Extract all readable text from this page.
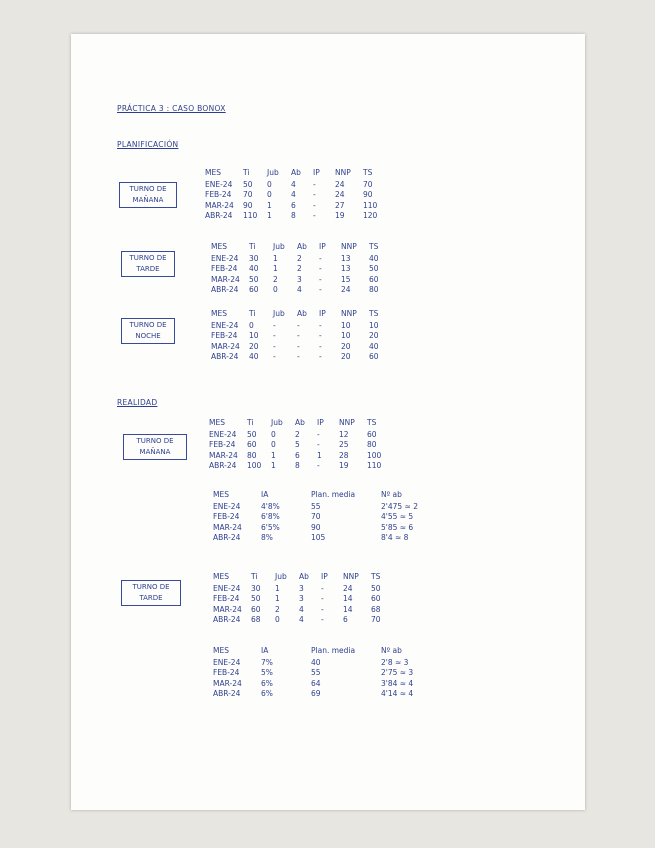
PRÁCTICA 3 : CASO BONOX
PLANIFICACIÓN
TURNO DE MAÑANA
MES	Ti	Jub	Ab	IP	NNP	TS
ENE-24	50	0	4	-	24	70
FEB-24	70	0	4	-	24	90
MAR-24	90	1	6	-	27	110
ABR-24	110	1	8	-	19	120
TURNO DE TARDE
MES	Ti	Jub	Ab	IP	NNP	TS
ENE-24	30	1	2	-	13	40
FEB-24	40	1	2	-	13	50
MAR-24	50	2	3	-	15	60
ABR-24	60	0	4	-	24	80
TURNO DE NOCHE
MES	Ti	Jub	Ab	IP	NNP	TS
ENE-24	0	-	-	-	10	10
FEB-24	10	-	-	-	10	20
MAR-24	20	-	-	-	20	40
ABR-24	40	-	-	-	20	60
REALIDAD
TURNO DE MAÑANA
MES	Ti	Jub	Ab	IP	NNP	TS
ENE-24	50	0	2	-	12	60
FEB-24	60	0	5	-	25	80
MAR-24	80	1	6	1	28	100
ABR-24	100	1	8	-	19	110
MES	IA	Plan. media	Nº ab
ENE-24	4'8%	55	2'475 ≈ 2
FEB-24	6'8%	70	4'55 ≈ 5
MAR-24	6'5%	90	5'85 ≈ 6
ABR-24	8%	105	8'4 ≈ 8
TURNO DE TARDE
MES	Ti	Jub	Ab	IP	NNP	TS
ENE-24	30	1	3	-	24	50
FEB-24	50	1	3	-	14	60
MAR-24	60	2	4	-	14	68
ABR-24	68	0	4	-	6	70
MES	IA	Plan. media	Nº ab
ENE-24	7%	40	2'8 ≈ 3
FEB-24	5%	55	2'75 ≈ 3
MAR-24	6%	64	3'84 ≈ 4
ABR-24	6%	69	4'14 ≈ 4
